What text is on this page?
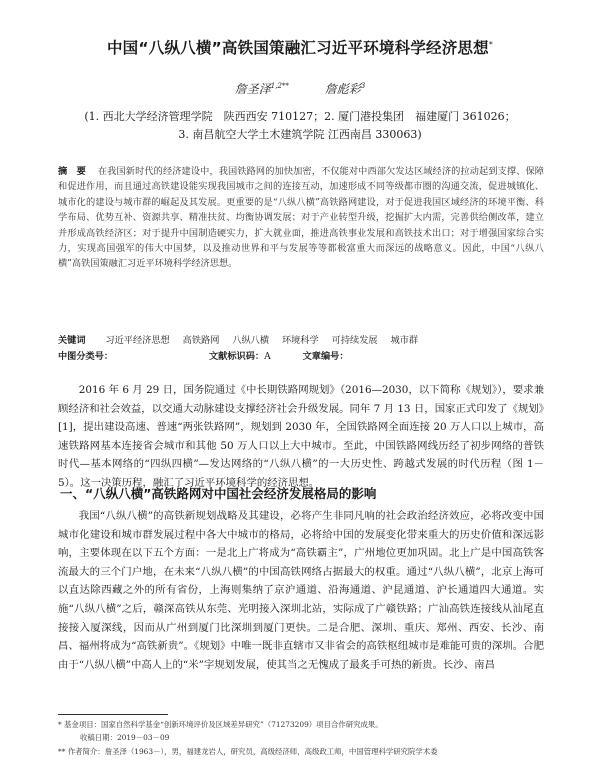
中国“八纵八横”高铁国策融汇习近平环境科学经济思想*
詹圣泽$^{1,2**}$	詹彪彩$^3$
(1. 西北大学经济管理学院　陕西西安 710127；2. 厦门港投集团　福建厦门 361026；
3. 南昌航空大学土木建筑学院 江西南昌 330063)
摘　要 在我国新时代的经济建设中，我国铁路网的加快加密，不仅能对中西部欠发达区域经济的拉动起到支撑、保障和促进作用，而且通过高铁建设能实现我国城市之间的连接互动，加速形成不同等级都市圈的沟通交流，促进城镇化、城市化的建设与城市群的崛起及其发展。更重要的是“八纵八横”高铁路网建设，对于促进我国区域经济的环境平衡、科学布局、优势互补、资源共享、精准扶贫、均衡协调发展；对于产业转型升级，挖掘扩大内需，完善供给侧改革，建立并形成高铁经济区；对于提升中国制造硬实力，扩大就业面，推进高铁事业发展和高铁技术出口；对于增强国家综合实力，实现高国强军的伟大中国梦，以及推动世界和平与发展等等都极富重大而深远的战略意义。因此，中国“八纵八横”高铁国策融汇习近平环境科学经济思想。
关键词 习近平经济思想 高铁路网 八纵八横 环境科学 可持续发展 城市群
中图分类号：	文献标识码：A	文章编号：
2016 年 6 月 29 日，国务院通过《中长期铁路网规划》（2016—2030，以下简称《规划》），要求兼顾经济和社会效益，以交通大动脉建设支撑经济社会升级发展。同年 7 月 13 日，国家正式印发了《规划》[1]，提出建设高速、普速“两张铁路网”，规划到 2030 年，全国铁路网全面连接 20 万人口以上城市，高速铁路网基本连接省会城市和其他 50 万人口以上大中城市。至此，中国铁路网线历经了初步网络的普铁时代—基本网络的“四纵四横”—发达网络的“八纵八横”的一大历史性、跨越式发展的时代历程（图 1－5）。这一决策历程，融汇了习近平环境科学的经济思想。
一、“八纵八横”高铁路网对中国社会经济发展格局的影响
我国“八纵八横”的高铁新规划战略及其建设，必将产生非同凡响的社会政治经济效应，必将改变中国城市化建设和城市群发展过程中各大中城市的格局，必将给中国的发展变化带来重大的历史价值和深远影响，主要体现在以下五个方面：一是北上广将成为“高铁霸主”，广州地位更加巩固。北上广是中国高铁客流最大的三个门户地，在未来“八纵八横”的中国高铁网络占据最大的权重。通过“八纵八横”，北京上海可以直达除西藏之外的所有省份，上海则集纳了京沪通道、沿海通道、沪昆通道、沪长通道四大通道。实施“八纵八横”之后，赣深高铁从东莞、光明接入深圳北站，实际成了广赣铁路；广汕高铁连接线从汕尾直接接入厦深线，因而从广州到厦门比深圳到厦门更快。二是合肥、深圳、重庆、郑州、西安、长沙、南昌、福州将成为“高铁新贵”。《规划》中唯一既非直辖市又非省会的高铁枢纽城市是难能可贵的深圳。合肥由于“八纵八横”中高人上的“米”字规划发展，使其当之无愧成了最炙手可热的新贵。长沙、南昌
* 基金项目：国家自然科学基金“创新环境评价及区域差异研究”（71273209）项目合作研究成果。
收稿日期：2019－03－09
** 作者简介：詹圣泽（1963－），男，福建龙岩人，研究员，高级经济师，高级政工师，中国管理科学研究院学术委
